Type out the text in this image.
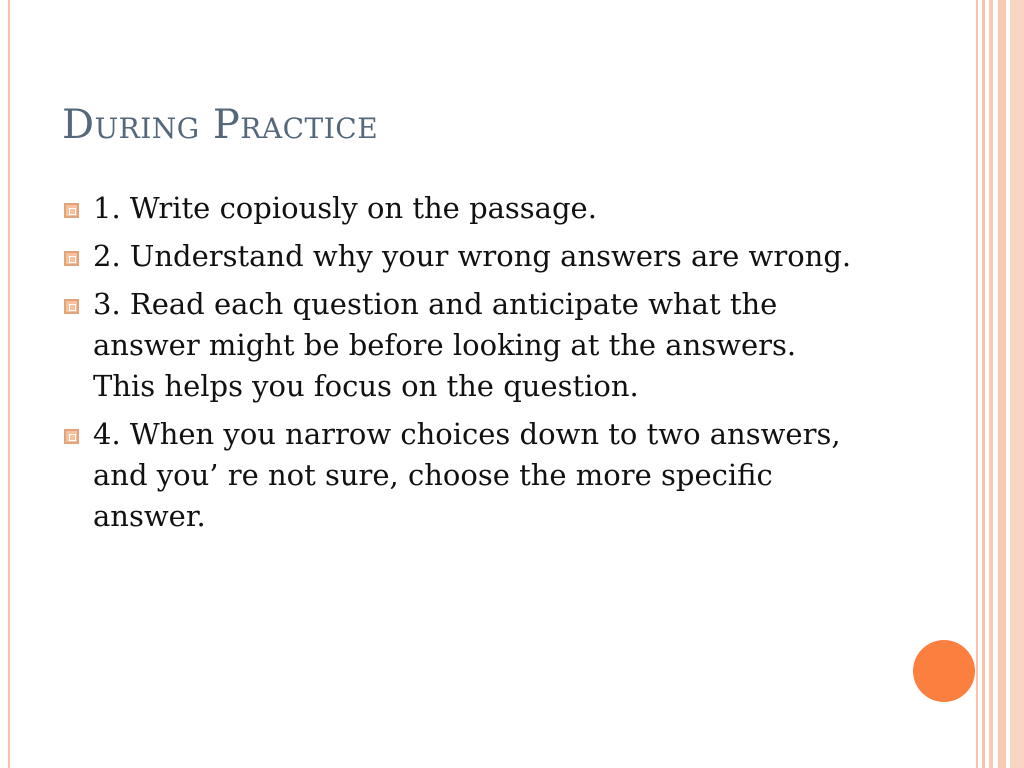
During Practice
1. Write copiously on the passage.
2. Understand why your wrong answers are wrong.
3. Read each question and anticipate what the answer might be before looking at the answers. This helps you focus on the question.
4. When you narrow choices down to two answers, and you’ re not sure, choose the more specific answer.
